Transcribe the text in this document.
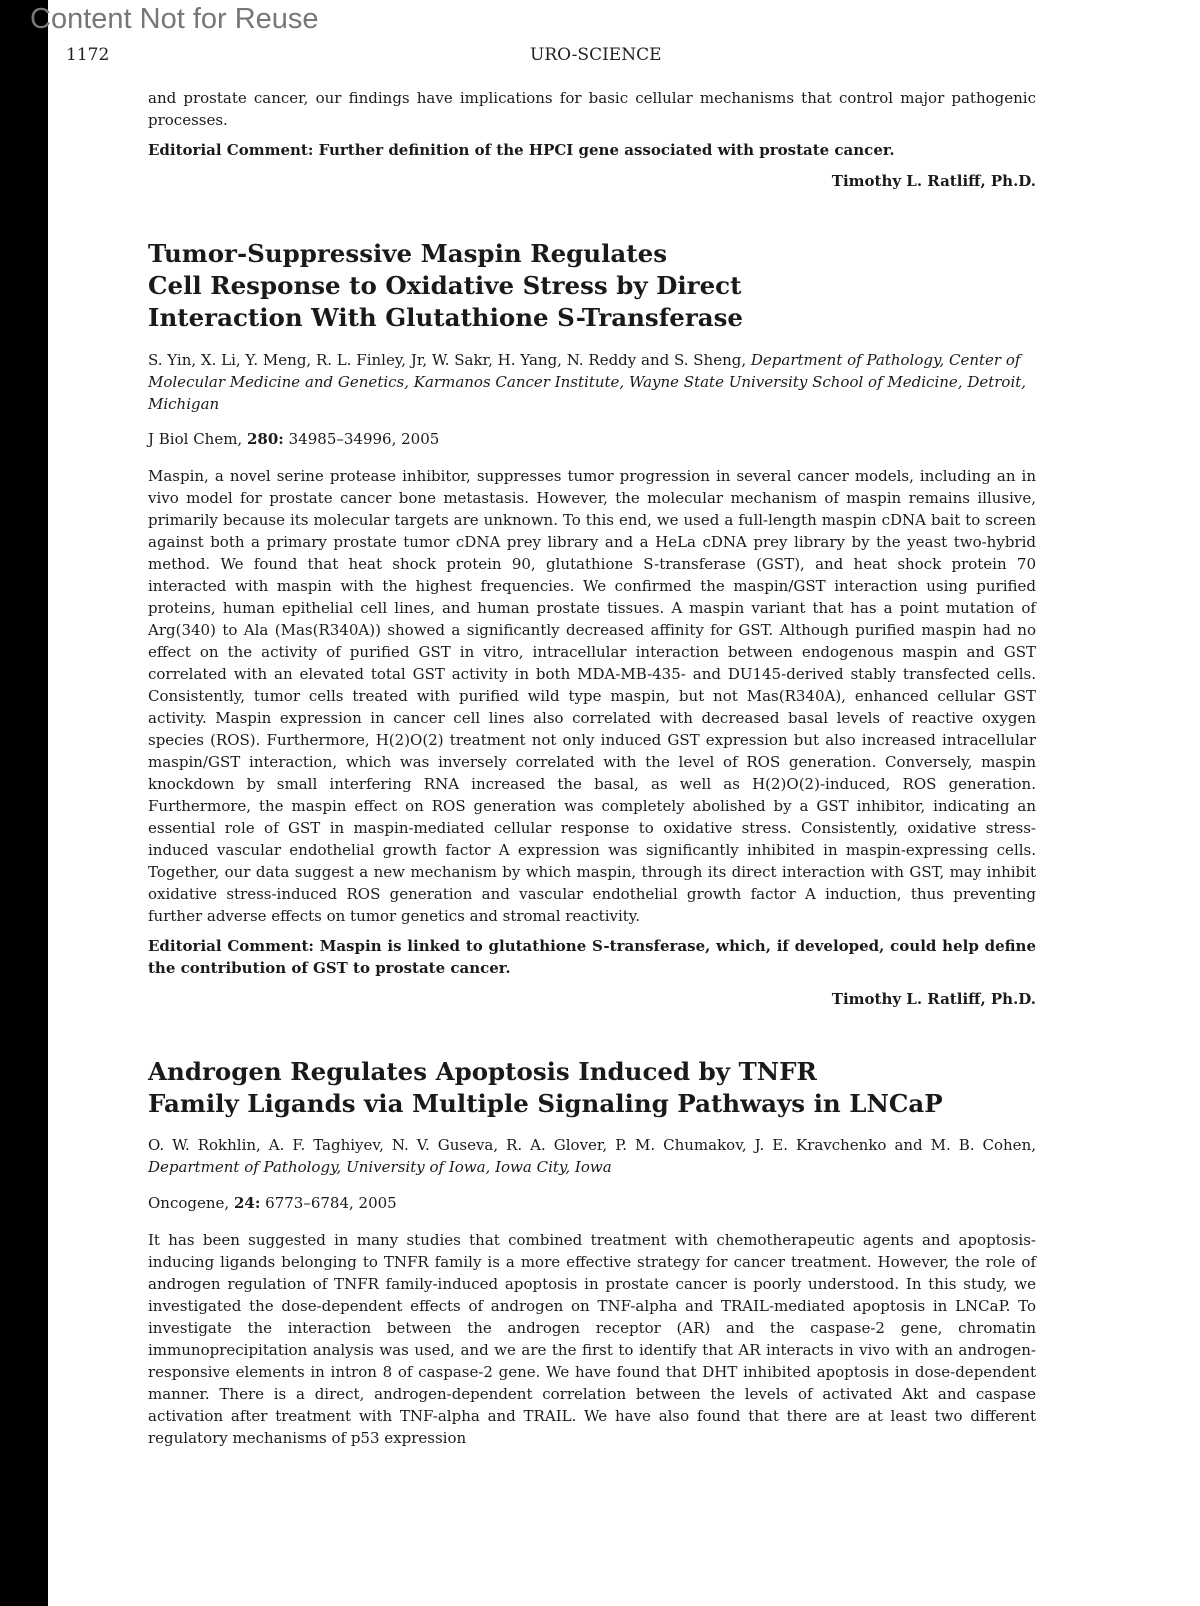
Content Not for Reuse
1172	URO-SCIENCE

and prostate cancer, our findings have implications for basic cellular mechanisms that control major pathogenic processes.

Editorial Comment: Further definition of the HPCI gene associated with prostate cancer.

Timothy L. Ratliff, Ph.D.
Tumor-Suppressive Maspin Regulates
Cell Response to Oxidative Stress by Direct
Interaction With Glutathione S-Transferase

S. Yin, X. Li, Y. Meng, R. L. Finley, Jr, W. Sakr, H. Yang, N. Reddy and S. Sheng, Department of Pathology, Center of Molecular Medicine and Genetics, Karmanos Cancer Institute, Wayne State University School of Medicine, Detroit, Michigan

J Biol Chem, 280: 34985–34996, 2005

Maspin, a novel serine protease inhibitor, suppresses tumor progression in several cancer models, including an in vivo model for prostate cancer bone metastasis. However, the molecular mechanism of maspin remains illusive, primarily because its molecular targets are unknown. To this end, we used a full-length maspin cDNA bait to screen against both a primary prostate tumor cDNA prey library and a HeLa cDNA prey library by the yeast two-hybrid method. We found that heat shock protein 90, glutathione S-transferase (GST), and heat shock protein 70 interacted with maspin with the highest frequencies. We confirmed the maspin/GST interaction using purified proteins, human epithelial cell lines, and human prostate tissues. A maspin variant that has a point mutation of Arg(340) to Ala (Mas(R340A)) showed a significantly decreased affinity for GST. Although purified maspin had no effect on the activity of purified GST in vitro, intracellular interaction between endogenous maspin and GST correlated with an elevated total GST activity in both MDA-MB-435- and DU145-derived stably transfected cells. Consistently, tumor cells treated with purified wild type maspin, but not Mas(R340A), enhanced cellular GST activity. Maspin expression in cancer cell lines also correlated with decreased basal levels of reactive oxygen species (ROS). Furthermore, H(2)O(2) treatment not only induced GST expression but also increased intracellular maspin/GST interaction, which was inversely correlated with the level of ROS generation. Conversely, maspin knockdown by small interfering RNA increased the basal, as well as H(2)O(2)-induced, ROS generation. Furthermore, the maspin effect on ROS generation was completely abolished by a GST inhibitor, indicating an essential role of GST in maspin-mediated cellular response to oxidative stress. Consistently, oxidative stress-induced vascular endothelial growth factor A expression was significantly inhibited in maspin-expressing cells. Together, our data suggest a new mechanism by which maspin, through its direct interaction with GST, may inhibit oxidative stress-induced ROS generation and vascular endothelial growth factor A induction, thus preventing further adverse effects on tumor genetics and stromal reactivity.

Editorial Comment: Maspin is linked to glutathione S-transferase, which, if developed, could help define the contribution of GST to prostate cancer.

Timothy L. Ratliff, Ph.D.
Androgen Regulates Apoptosis Induced by TNFR
Family Ligands via Multiple Signaling Pathways in LNCaP

O. W. Rokhlin, A. F. Taghiyev, N. V. Guseva, R. A. Glover, P. M. Chumakov, J. E. Kravchenko and M. B. Cohen, Department of Pathology, University of Iowa, Iowa City, Iowa

Oncogene, 24: 6773–6784, 2005

It has been suggested in many studies that combined treatment with chemotherapeutic agents and apoptosis-inducing ligands belonging to TNFR family is a more effective strategy for cancer treatment. However, the role of androgen regulation of TNFR family-induced apoptosis in prostate cancer is poorly understood. In this study, we investigated the dose-dependent effects of androgen on TNF-alpha and TRAIL-mediated apoptosis in LNCaP. To investigate the interaction between the androgen receptor (AR) and the caspase-2 gene, chromatin immunoprecipitation analysis was used, and we are the first to identify that AR interacts in vivo with an androgen-responsive elements in intron 8 of caspase-2 gene. We have found that DHT inhibited apoptosis in dose-dependent manner. There is a direct, androgen-dependent correlation between the levels of activated Akt and caspase activation after treatment with TNF-alpha and TRAIL. We have also found that there are at least two different regulatory mechanisms of p53 expression
